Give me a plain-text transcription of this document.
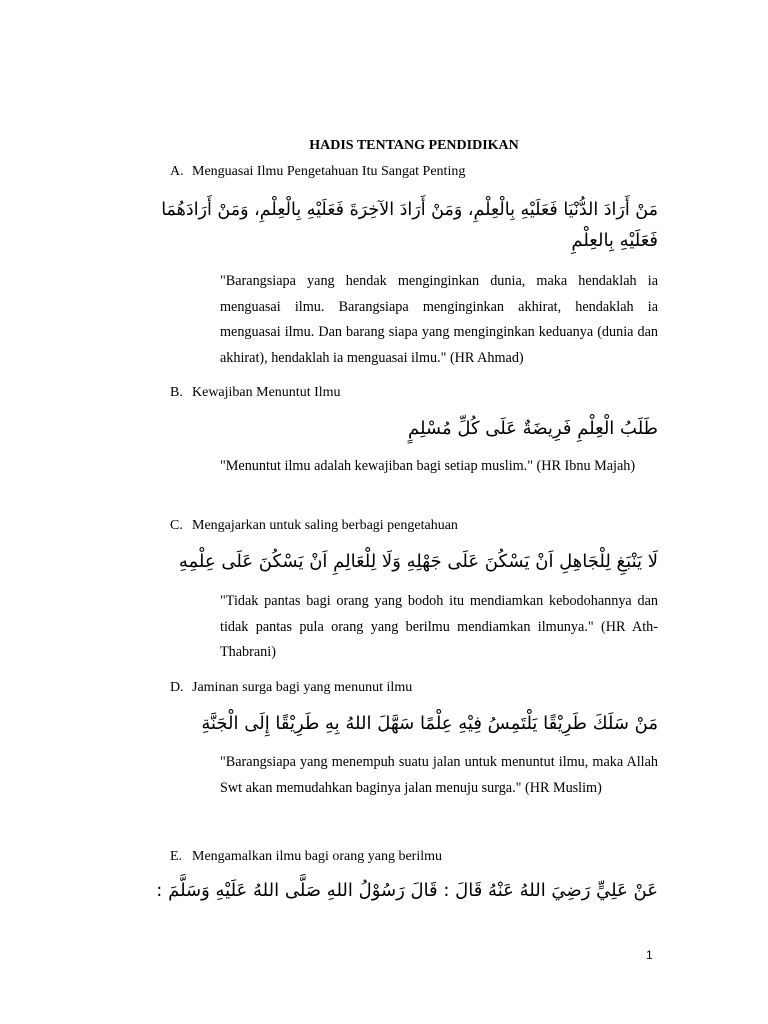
HADIS TENTANG PENDIDIKAN
A. Menguasai Ilmu Pengetahuan Itu Sangat Penting
مَنْ أَرَادَ الدُّنْيَا فَعَلَيْهِ بِالْعِلْمِ، وَمَنْ أَرَادَ الآخِرَةَ فَعَلَيْهِ بِالْعِلْمِ، وَمَنْ أَرَادَهُمَا
فَعَلَيْهِ بِالعِلْمِ
"Barangsiapa yang hendak menginginkan dunia, maka hendaklah ia menguasai ilmu. Barangsiapa menginginkan akhirat, hendaklah ia menguasai ilmu. Dan barang siapa yang menginginkan keduanya (dunia dan akhirat), hendaklah ia menguasai ilmu." (HR Ahmad)
B. Kewajiban Menuntut Ilmu
طَلَبُ الْعِلْمِ فَرِيضَةٌ عَلَى كُلِّ مُسْلِمٍ
"Menuntut ilmu adalah kewajiban bagi setiap muslim." (HR Ibnu Majah)
C. Mengajarkan untuk saling berbagi pengetahuan
لَا يَنْبَغِ لِلْجَاهِلِ اَنْ يَسْكُنَ عَلَى جَهْلِهِ وَلَا لِلْعَالِمِ اَنْ يَسْكُنَ عَلَى عِلْمِهِ
"Tidak pantas bagi orang yang bodoh itu mendiamkan kebodohannya dan tidak pantas pula orang yang berilmu mendiamkan ilmunya." (HR Ath-Thabrani)
D. Jaminan surga bagi yang menunut ilmu
مَنْ سَلَكَ طَرِيْقًا يَلْتَمِسُ فِيْهِ عِلْمًا سَهَّلَ اللهُ بِهِ طَرِيْقًا إِلَى الْجَنَّةِ
"Barangsiapa yang menempuh suatu jalan untuk menuntut ilmu, maka Allah Swt akan memudahkan baginya jalan menuju surga." (HR Muslim)
E. Mengamalkan ilmu bagi orang yang berilmu
عَنْ عَلِيٍّ رَضِيَ اللهُ عَنْهُ قَالَ : قَالَ رَسُوْلُ اللهِ صَلَّى اللهُ عَلَيْهِ وَسَلَّمَ :
1
